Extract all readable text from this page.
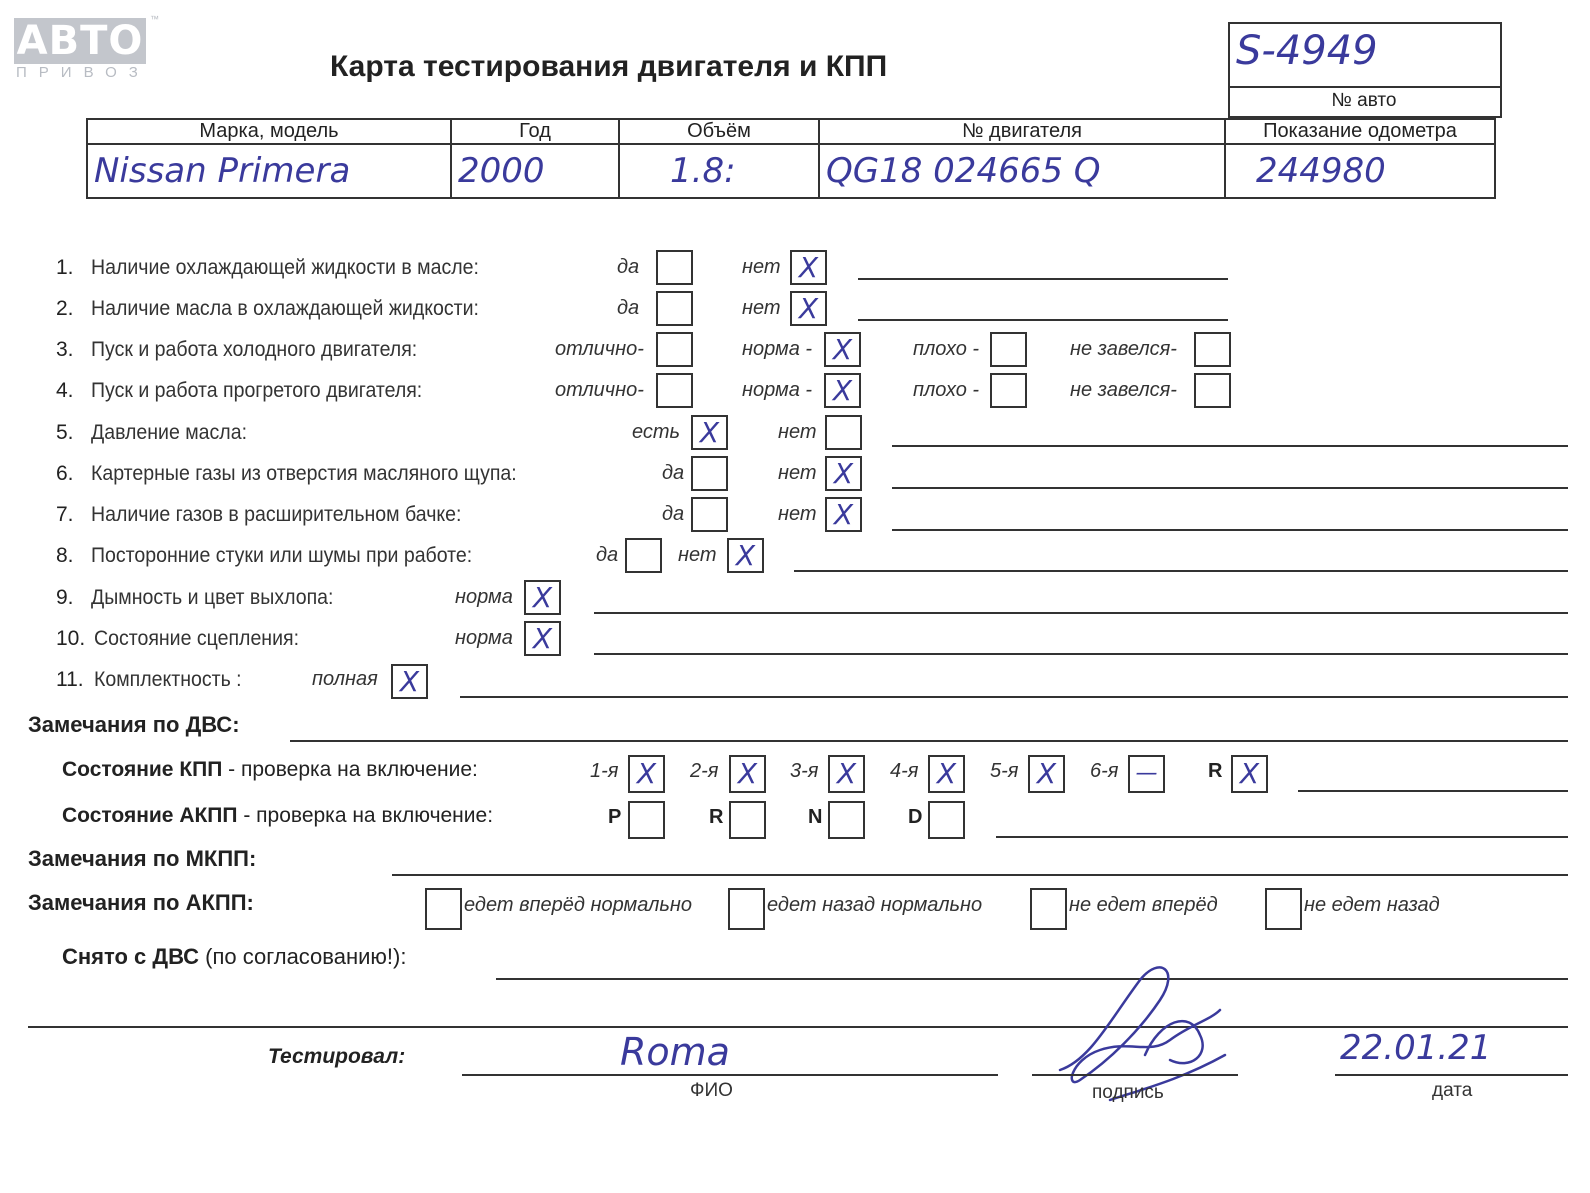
АВТО
ПРИВОЗ
™
Карта тестирования двигателя и КПП	S-4949
№ авто
Марка, модель	Год	Объём	№ двигателя	Показание одометра
Nissan Primera	2000	1.8:	QG18 024665 Q	244980
1. Наличие охлаждающей жидкости в масле:	да	нет X
2. Наличие масла в охлаждающей жидкости:	да	нет X
3. Пуск и работа холодного двигателя:	отлично-	норма - X	плохо -	не завелся-
4. Пуск и работа прогретого двигателя:	отлично-	норма - X	плохо -	не завелся-
5. Давление масла:	есть X	нет
6. Картерные газы из отверстия масляного щупа:	да	нет X
7. Наличие газов в расширительном бачке:	да	нет X
8. Посторонние стуки или шумы при работе:	да	нет X
9. Дымность и цвет выхлопа:	норма X
10. Состояние сцепления:	норма X
11. Комплектность :	полная X
Замечания по ДВС:
Состояние КПП - проверка на включение:	1-я X	2-я X	3-я X	4-я X	5-я X	6-я —	R X
Состояние АКПП - проверка на включение:	P	R	N	D
Замечания по МКПП:
Замечания по АКПП:	едет вперёд нормально	едет назад нормально	не едет вперёд	не едет назад
Снято с ДВС (по согласованию!):
Тестировал:	Roma
ФИО	подпись
22.01.21
дата
